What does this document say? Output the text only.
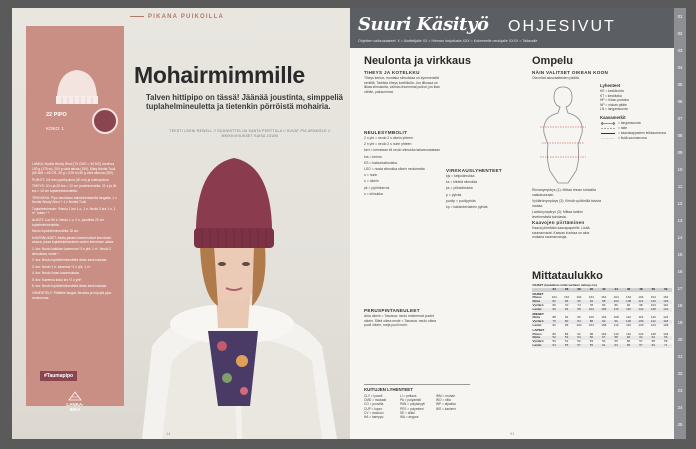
PIKANA PUIKOILLA
22 PIPO
KOKO: 1

LANKA: Novita Wooly Wool (75 CMO = 30 MC) merinoa 100 g (175 m), 200 g värä alkoia (190), Sisiq Novita Tuuli (60 MM = 60 CR, 25 g = 225 m) 50 g värä alkuoia (300).

PUIKOT: 3,5 mm pyöröpuikot (40 cm) ja sukkapuikot.

TIHEYS: 20 s ja 28 krs = 10 cm joustinneuletta. 21 s ja 26 krs = 10 cm tuplahelmineuletta.

TEKNIIKKA: Pipo neulotaan kaksinkertaisella langalla, 1 x Novita Wooly Wool + 1 x Novita Tuuli.

Tuplahelmineule: *Neulo 1 krs 1 o, 1 n. Neulo 3 krs 1 o, 1 n*, toista * *.

AUKOT: Luo 90 s. Neulo 1 o, 2 n -joustinta 22 cm tuplahelmineuletta.

Neulo tuplahelmineuletta 18 cm.

KAVENNUKSET: Aloita jakaen kavennukset kerroksen alussa, jossa tuplahelmineuleen uuden kerroksen alkaa.

1. krs: Neulo kaikkien kavennus *3 s yht, 1 n*. Neulo 2 silmukkaa, toista *.

2. krs: Neulo tuplahelmineuletta ilman kavennuksia.

3. krs: Neulo 1 n, kavenna *1 o yht, 1 n*.

4. krs: Neulo ilman kavennuksia.

5. krs: Kavenna koko krs *2 o yht*.

6. krs: Neulo tuplahelmineuletta ilman kavennuksia.

VIIMEISTELY: Päättele langat. Neulota ja höyrytä pipo muotoonsa.

#Taumapipo
LANKA-IDEA
Mohairmimmille
Talven hittipipo on tässä! Jäänää joustinta, simppeliä tuplahelmineuletta ja tietenkin pörröistä mohairia.
TEKSTI LEENI REWELL // SUUNNITTELIJA SANTA PERTTULA // KUVAT PIA ARNKIELE // MEIKKI/HIUKSET KAISA JOUNI
14
Suuri Käsityö OHJESIVUT
Ohjeiden vaikeusasteet: X = Aloittelijalle XX = Hieman harjoitusta XXX = Kokeneelle neulojalle XXXX = Taitavalle
01
02
03
04
05
06
07
08
09
10
11
12
13
14
15
16
17
18
19
20
21
22
23
24
25
Neulonta ja virkkaus
TIHEYS JA KOTELKKU
Tiheys kertoo, montako silmukkaa on kymmenellä sentillä. Tarkista tiheys koetilkulla. Jos tilkussa on liikaa silmukoita, vaihda ohuemmat puikot; jos liian vähän, paksummat.
NEULESYMBOLIT

2 o yht = neulo 2 s oikein yhteen

2 n yht = neulo 2 s nurin yhteen

kert = kerrataan eli neulo silmukka takareunastaan

krs = kerros

KS = kaksoissilmukka

LSO = nosta silmukka oikein neulomatta

n = nurin

o = oikein

pk = pyörökerros

s = silmukka

PERUSPINTANEULEET
Aina oikein = Tasossa: neulo molemmat puolet oikein. Sileä oikea neule = Tasossa: neulo oikea puoli oikein, nurja puoli nurin.
VIRKKAUSLYHENTEET

kjs = ketjusilmukka

ks = kiinteä silmukka

ps = piilosilmukka

p = pylväs

puolip = puolipylväs

kp = kaksinkertainen pylväs

KUITUJEN LYHENTEET
CLY = lyocell	LI = pellava	WM = mohair
CMD = modaali	PA = polyamidi	WO = villa
CO = puuvilla	PAN = polyakryyli	WP = alpakka
CUP = kupro	PES = polyesteri	WS = kashmir
CV = viskoosi	SE = silkki
HA = hamppu	WA = angora
Ompelu
NÄIN VALITSET OIKEAN KOON
Ota mitat alusvaatteiden päältä.

Rinnanympärys (1): Mittaa rinnan kohdalta vaakasuoraan.

Vyötärönympärys (2): Kiristä vyötäröllä taivuta naulaa.

Lantionympärys (3): Mittaa lantion leveimmästä kohdasta.

Kaavojen piirtäminen
Kaava piirretään kaavapaperille. Lisää saumanvarat. Kaavan kuvissa on aina mukana saumanvaroja.
Lyhenteet
KE = keskikohta
KT = keskitaka
HP = hihan pudotus
NP = niskan pääte
LN = langansuunta
Kaavamerkit
= langansuunta
= taite
= kaavakappaleen leikkausreuna
= lisää saumanvara
Mittataulukko
NAISET (taulukkon mitat vartalon mittoja cm)										
	34	36	38	40	42	44	46	48	50	52
NAISET										
Pituus	164	164	164	164	164	164	164	164	164	164
Rinta	82	86	90	94	98	102	108	114	120	126
Vyötärö	66	70	74	78	82	86	92	98	104	110
Lantio	90	94	98	102	106	110	116	122	128	134
MIEHET										
Rinta	88	92	96	100	104	108	112	116	120	124
Vyötärö	76	80	84	88	92	96	100	106	112	118
Lantio	92	96	100	104	108	112	116	120	124	128
LAPSET										
Pituus	80	86	92	98	104	110	116	122	128	134
Rinta	52	53	54	56	57	58	60	62	64	66
Vyötärö	50	51	52	53	54	55	56	57	58	59
Lantio	54	55	57	59	61	63	65	67	69	71
91
